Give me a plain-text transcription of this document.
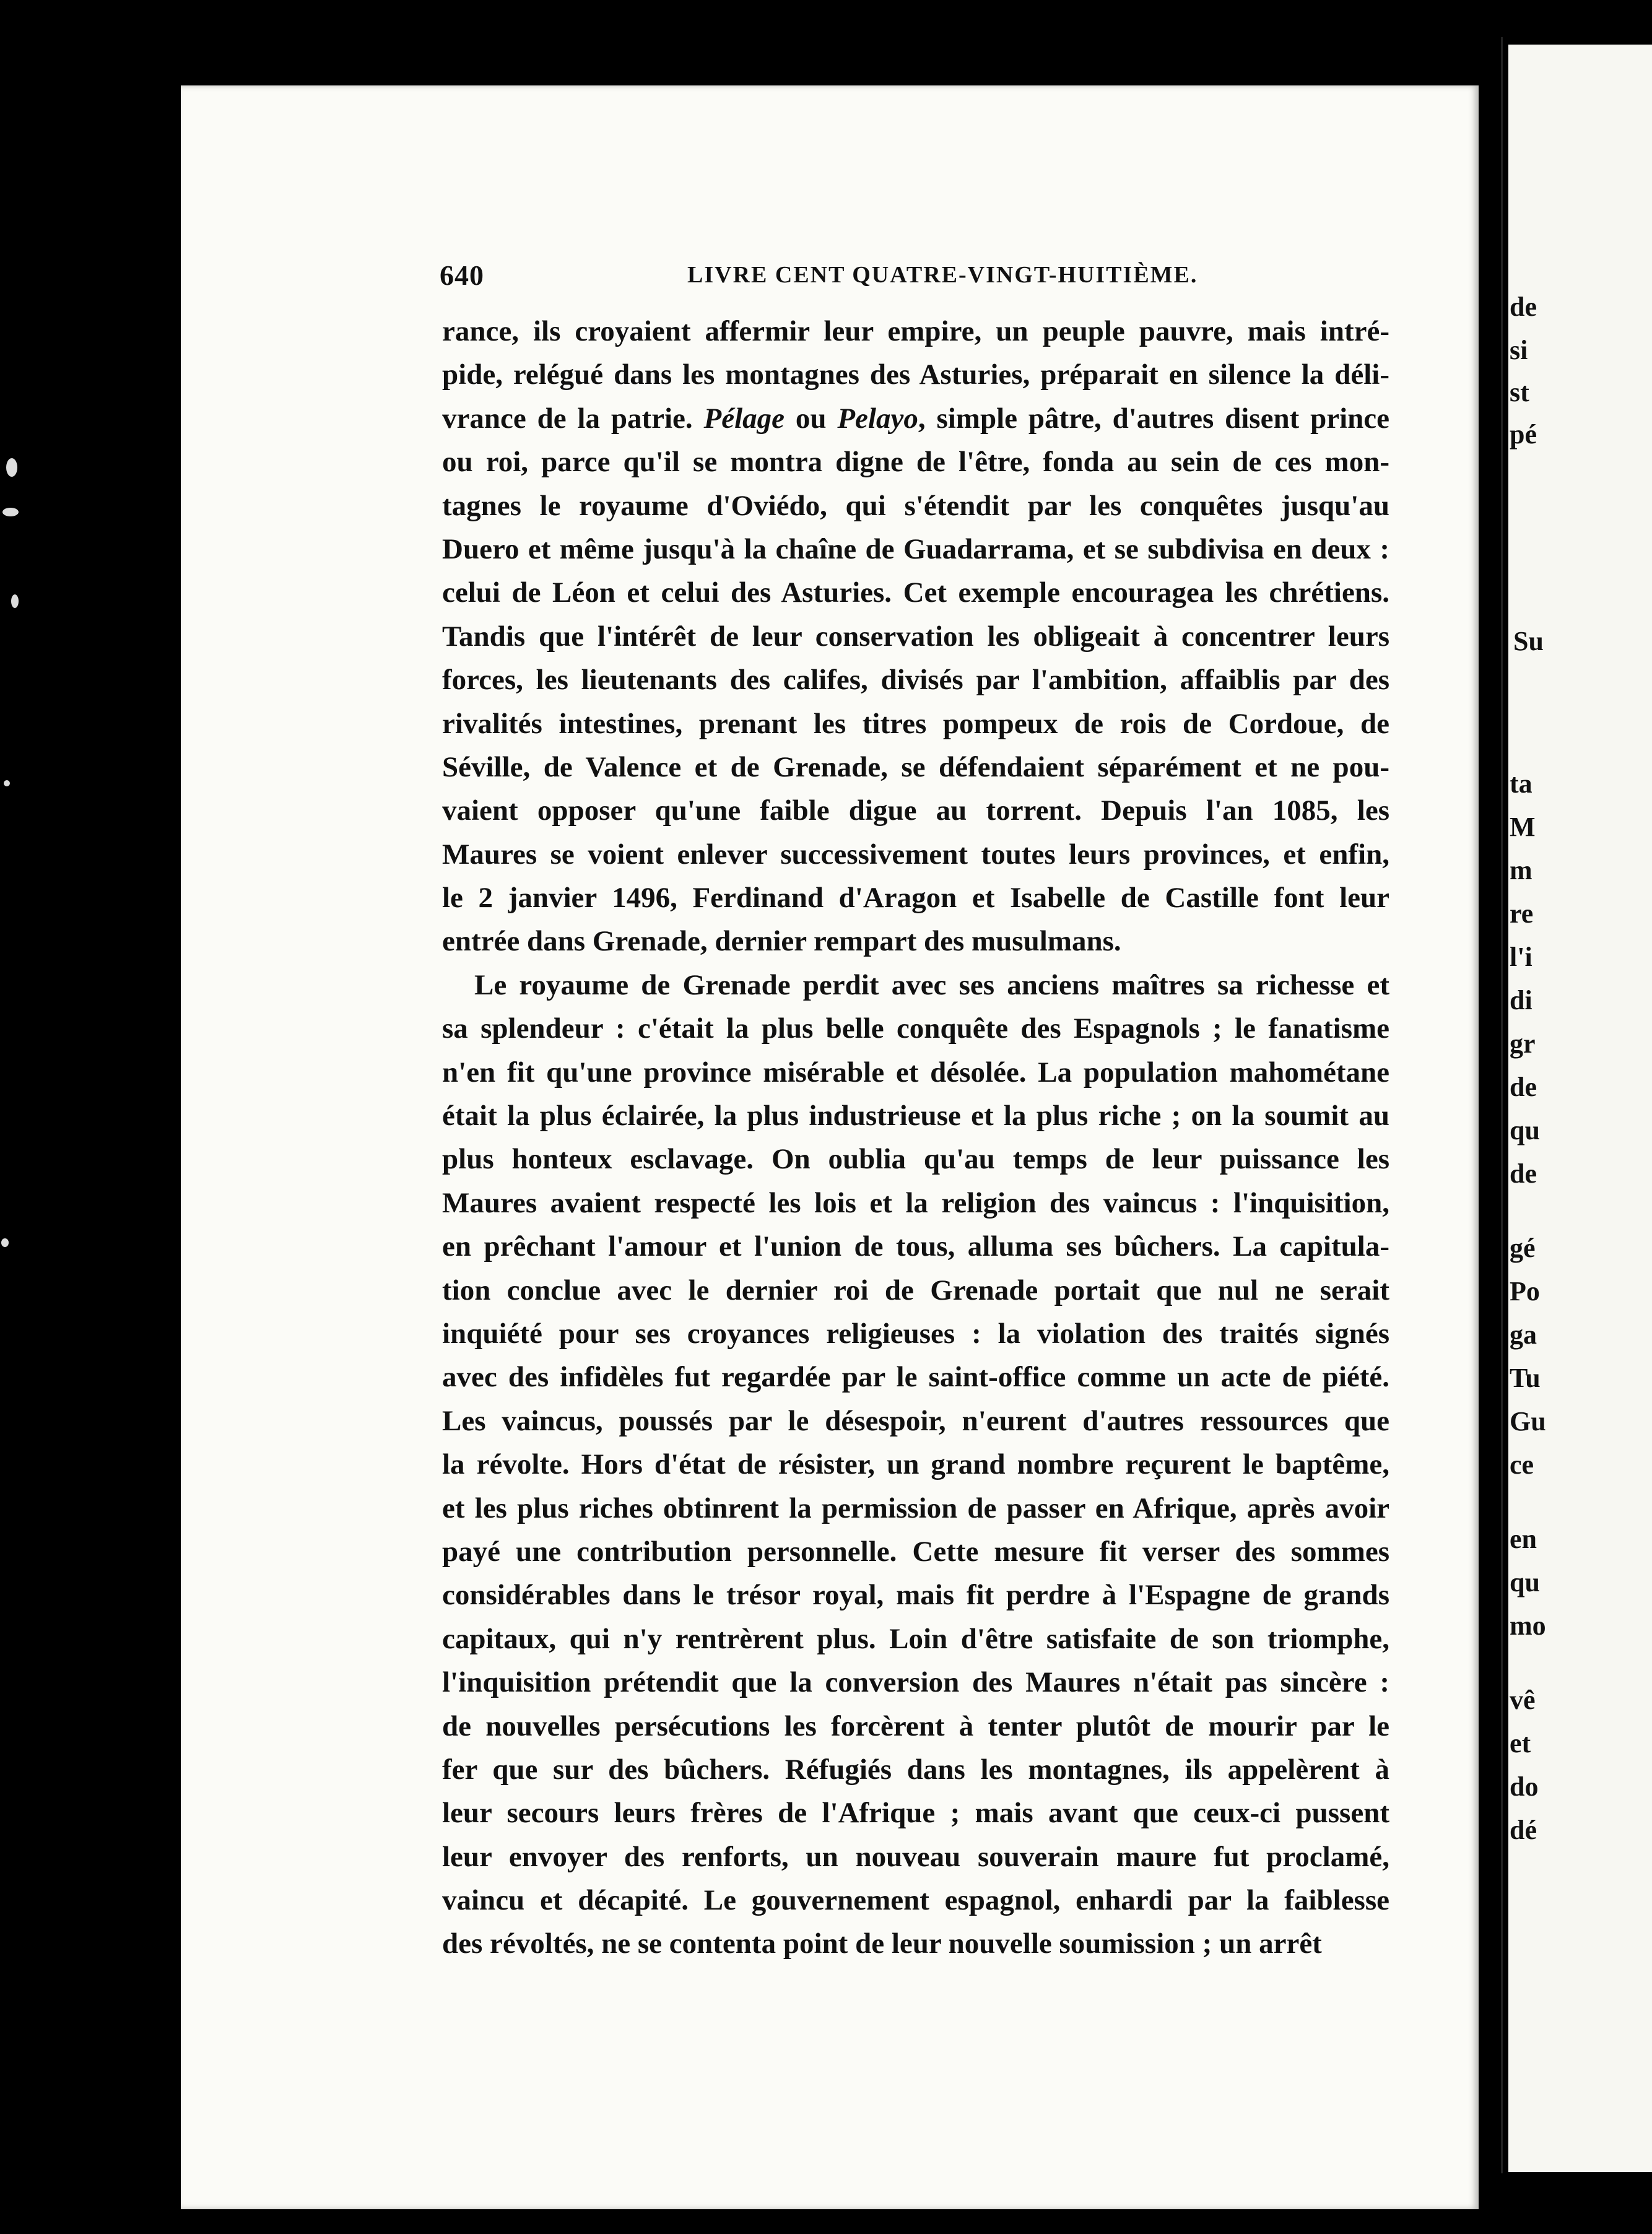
640	LIVRE CENT QUATRE-VINGT-HUITIÈME.
rance, ils croyaient affermir leur empire, un peuple pauvre, mais intré-
pide, relégué dans les montagnes des Asturies, préparait en silence la déli-
vrance de la patrie. Pélage ou Pelayo, simple pâtre, d'autres disent prince
ou roi, parce qu'il se montra digne de l'être, fonda au sein de ces mon-
tagnes le royaume d'Oviédo, qui s'étendit par les conquêtes jusqu'au
Duero et même jusqu'à la chaîne de Guadarrama, et se subdivisa en deux :
celui de Léon et celui des Asturies. Cet exemple encouragea les chrétiens.
Tandis que l'intérêt de leur conservation les obligeait à concentrer leurs
forces, les lieutenants des califes, divisés par l'ambition, affaiblis par des
rivalités intestines, prenant les titres pompeux de rois de Cordoue, de
Séville, de Valence et de Grenade, se défendaient séparément et ne pou-
vaient opposer qu'une faible digue au torrent. Depuis l'an 1085, les
Maures se voient enlever successivement toutes leurs provinces, et enfin,
le 2 janvier 1496, Ferdinand d'Aragon et Isabelle de Castille font leur
entrée dans Grenade, dernier rempart des musulmans.
Le royaume de Grenade perdit avec ses anciens maîtres sa richesse et
sa splendeur : c'était la plus belle conquête des Espagnols ; le fanatisme
n'en fit qu'une province misérable et désolée. La population mahométane
était la plus éclairée, la plus industrieuse et la plus riche ; on la soumit au
plus honteux esclavage. On oublia qu'au temps de leur puissance les
Maures avaient respecté les lois et la religion des vaincus : l'inquisition,
en prêchant l'amour et l'union de tous, alluma ses bûchers. La capitula-
tion conclue avec le dernier roi de Grenade portait que nul ne serait
inquiété pour ses croyances religieuses : la violation des traités signés
avec des infidèles fut regardée par le saint-office comme un acte de piété.
Les vaincus, poussés par le désespoir, n'eurent d'autres ressources que
la révolte. Hors d'état de résister, un grand nombre reçurent le baptême,
et les plus riches obtinrent la permission de passer en Afrique, après avoir
payé une contribution personnelle. Cette mesure fit verser des sommes
considérables dans le trésor royal, mais fit perdre à l'Espagne de grands
capitaux, qui n'y rentrèrent plus. Loin d'être satisfaite de son triomphe,
l'inquisition prétendit que la conversion des Maures n'était pas sincère :
de nouvelles persécutions les forcèrent à tenter plutôt de mourir par le
fer que sur des bûchers. Réfugiés dans les montagnes, ils appelèrent à
leur secours leurs frères de l'Afrique ; mais avant que ceux-ci pussent
leur envoyer des renforts, un nouveau souverain maure fut proclamé,
vaincu et décapité. Le gouvernement espagnol, enhardi par la faiblesse
des révoltés, ne se contenta point de leur nouvelle soumission ; un arrêt
de
si
st
pé
Su
ta
M
m
re
l'i
di
gr
de
qu
de
gé
Po
ga
Tu
Gu
ce
en
qu
mo
vê
et
do
dé
